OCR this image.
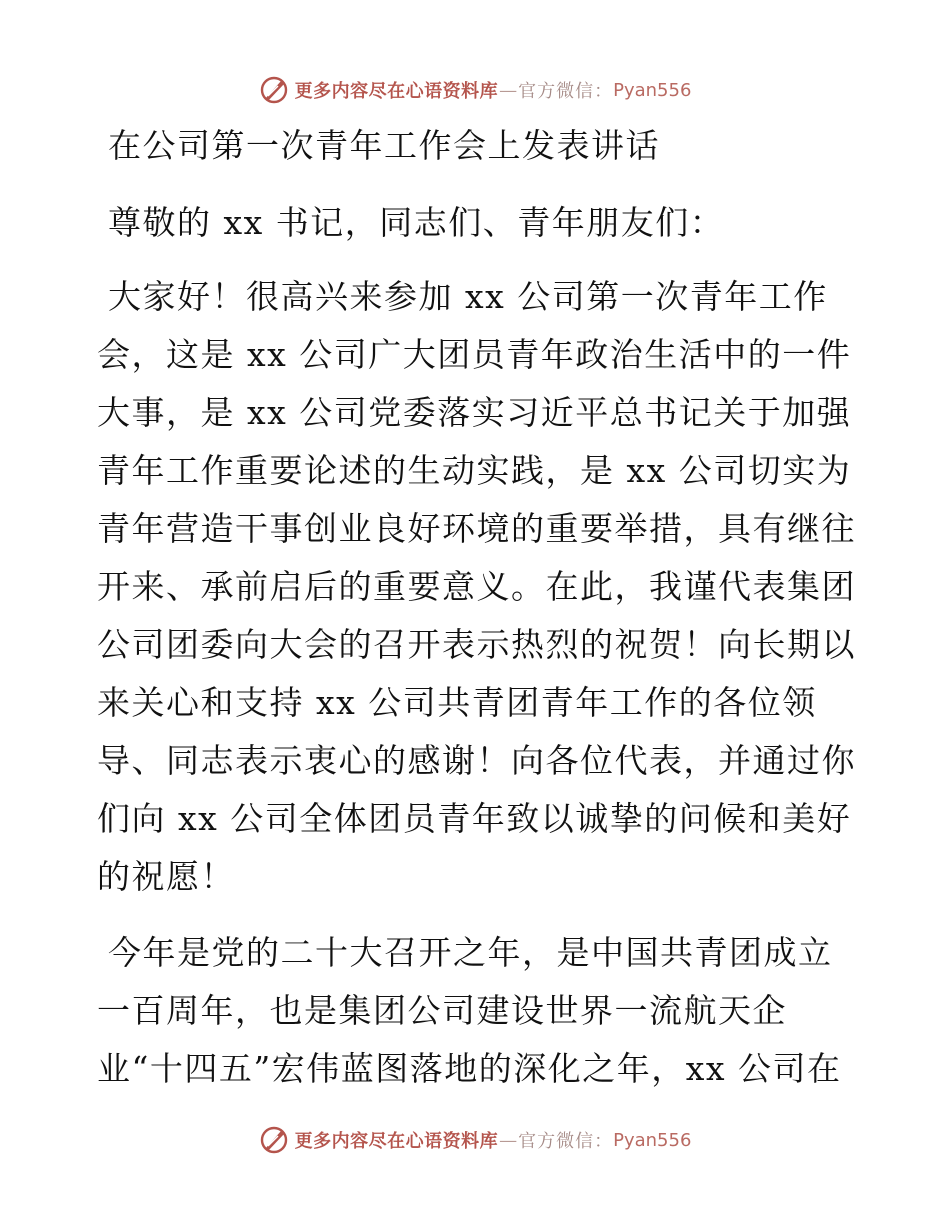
更多内容尽在心语资料库 — 官方微信： Pyan556
在公司第一次青年工作会上发表讲话
尊敬的 xx 书记，同志们、青年朋友们：
大家好！很高兴来参加 xx 公司第一次青年工作
会，这是 xx 公司广大团员青年政治生活中的一件
大事，是 xx 公司党委落实习近平总书记关于加强
青年工作重要论述的生动实践，是 xx 公司切实为
青年营造干事创业良好环境的重要举措，具有继往
开来、承前启后的重要意义。在此，我谨代表集团
公司团委向大会的召开表示热烈的祝贺！向长期以
来关心和支持 xx 公司共青团青年工作的各位领
导、同志表示衷心的感谢！向各位代表，并通过你
们向 xx 公司全体团员青年致以诚挚的问候和美好
的祝愿！
今年是党的二十大召开之年，是中国共青团成立
一百周年，也是集团公司建设世界一流航天企
业“十四五”宏伟蓝图落地的深化之年，xx 公司在
更多内容尽在心语资料库 — 官方微信： Pyan556
